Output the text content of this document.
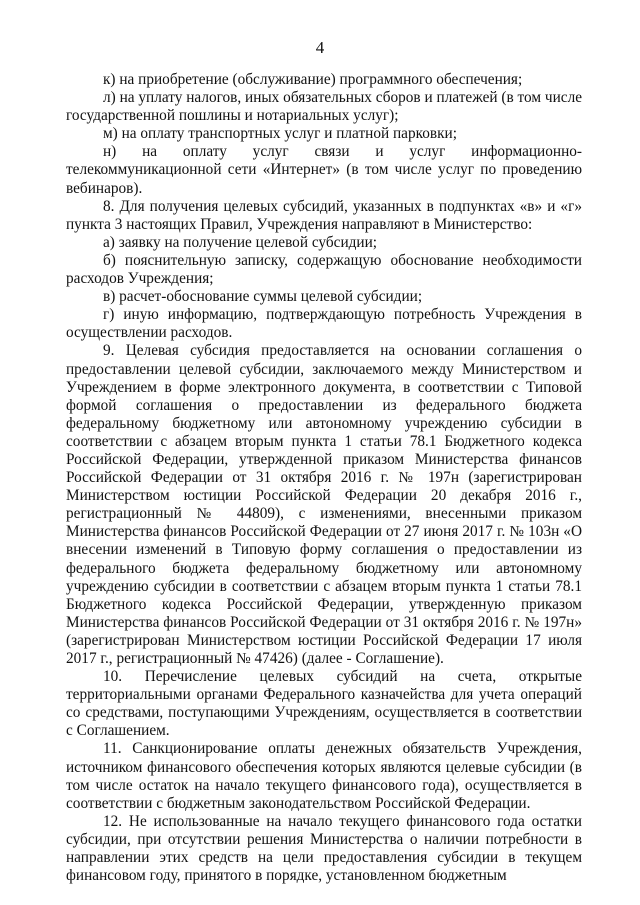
4

к) на приобретение (обслуживание) программного обеспечения;

л) на уплату налогов, иных обязательных сборов и платежей (в том числе государственной пошлины и нотариальных услуг);

м) на оплату транспортных услуг и платной парковки;

н) на оплату услуг связи и услуг информационно-телекоммуникационной сети «Интернет» (в том числе услуг по проведению вебинаров).

8. Для получения целевых субсидий, указанных в подпунктах «в» и «г» пункта 3 настоящих Правил, Учреждения направляют в Министерство:

а) заявку на получение целевой субсидии;

б) пояснительную записку, содержащую обоснование необходимости расходов Учреждения;

в) расчет-обоснование суммы целевой субсидии;

г) иную информацию, подтверждающую потребность Учреждения в осуществлении расходов.

9. Целевая субсидия предоставляется на основании соглашения о предоставлении целевой субсидии, заключаемого между Министерством и Учреждением в форме электронного документа, в соответствии с Типовой формой соглашения о предоставлении из федерального бюджета федеральному бюджетному или автономному учреждению субсидии в соответствии с абзацем вторым пункта 1 статьи 78.1 Бюджетного кодекса Российской Федерации, утвержденной приказом Министерства финансов Российской Федерации от 31 октября 2016 г. № 197н (зарегистрирован Министерством юстиции Российской Федерации 20 декабря 2016 г., регистрационный № 44809), с изменениями, внесенными приказом Министерства финансов Российской Федерации от 27 июня 2017 г. № 103н «О внесении изменений в Типовую форму соглашения о предоставлении из федерального бюджета федеральному бюджетному или автономному учреждению субсидии в соответствии с абзацем вторым пункта 1 статьи 78.1 Бюджетного кодекса Российской Федерации, утвержденную приказом Министерства финансов Российской Федерации от 31 октября 2016 г. № 197н» (зарегистрирован Министерством юстиции Российской Федерации 17 июля 2017 г., регистрационный № 47426) (далее - Соглашение).

10. Перечисление целевых субсидий на счета, открытые территориальными органами Федерального казначейства для учета операций со средствами, поступающими Учреждениям, осуществляется в соответствии с Соглашением.

11. Санкционирование оплаты денежных обязательств Учреждения, источником финансового обеспечения которых являются целевые субсидии (в том числе остаток на начало текущего финансового года), осуществляется в соответствии с бюджетным законодательством Российской Федерации.

12. Не использованные на начало текущего финансового года остатки субсидии, при отсутствии решения Министерства о наличии потребности в направлении этих средств на цели предоставления субсидии в текущем финансовом году, принятого в порядке, установленном бюджетным
